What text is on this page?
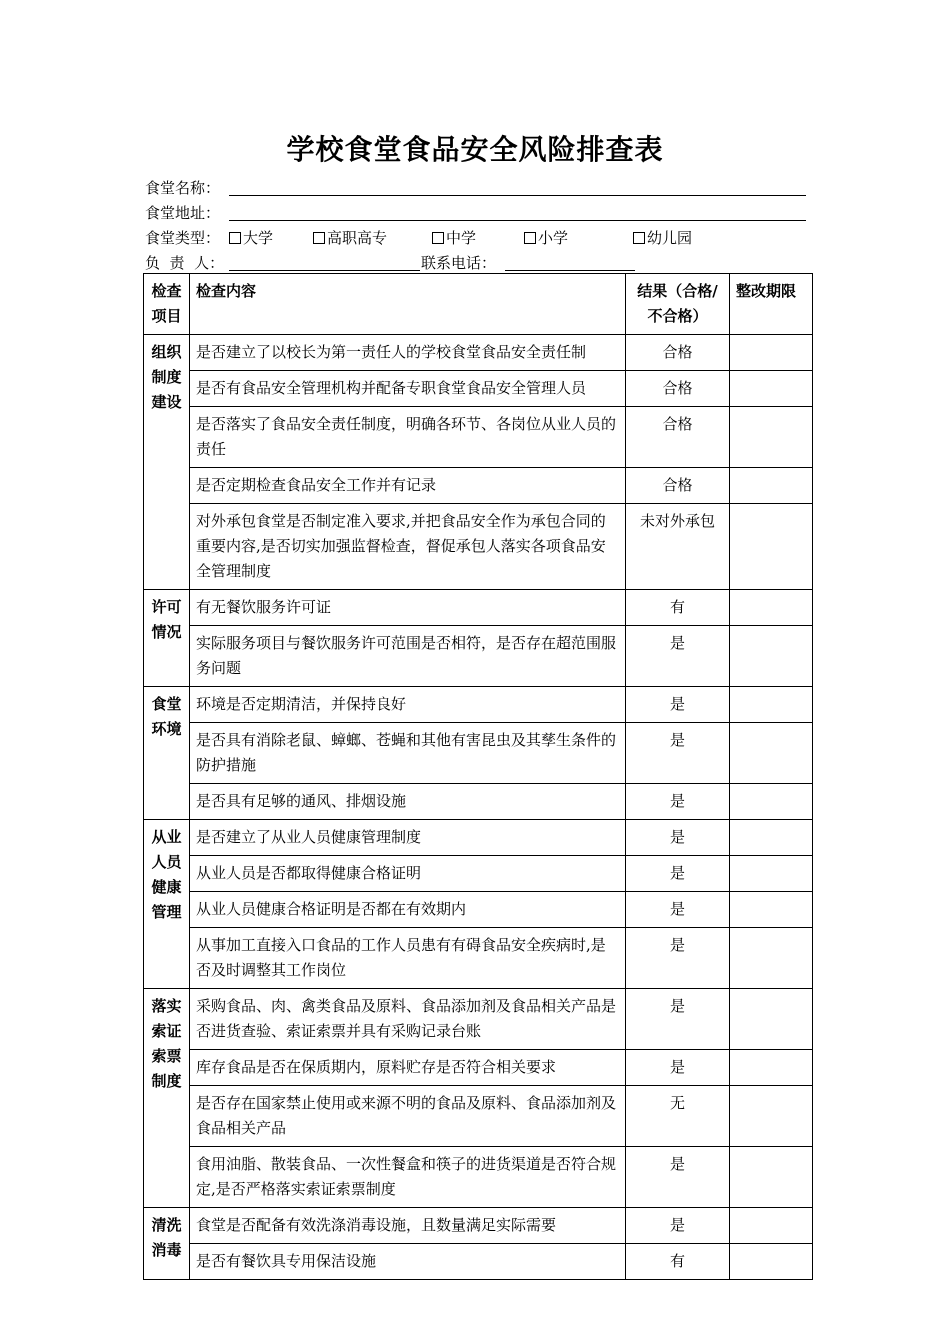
学校食堂食品安全风险排查表
食堂名称：
食堂地址：
食堂类型：	大学	高职高专	中学	小学	幼儿园
负  责  人：	联系电话：
检查项目	检查内容	结果（合格/不合格）	整改期限
组织制度建设	是否建立了以校长为第一责任人的学校食堂食品安全责任制	合格	
	是否有食品安全管理机构并配备专职食堂食品安全管理人员	合格	
	是否落实了食品安全责任制度，明确各环节、各岗位从业人员的责任	合格	
	是否定期检查食品安全工作并有记录	合格	
	对外承包食堂是否制定准入要求,并把食品安全作为承包合同的重要内容,是否切实加强监督检查，督促承包人落实各项食品安全管理制度	未对外承包	
许可情况	有无餐饮服务许可证	有	
	实际服务项目与餐饮服务许可范围是否相符，是否存在超范围服务问题	是	
食堂环境	环境是否定期清洁，并保持良好	是	
	是否具有消除老鼠、蟑螂、苍蝇和其他有害昆虫及其孳生条件的防护措施	是	
	是否具有足够的通风、排烟设施	是	
从业人员健康管理	是否建立了从业人员健康管理制度	是	
	从业人员是否都取得健康合格证明	是	
	从业人员健康合格证明是否都在有效期内	是	
	从事加工直接入口食品的工作人员患有有碍食品安全疾病时,是否及时调整其工作岗位	是	
落实索证索票制度	采购食品、肉、禽类食品及原料、食品添加剂及食品相关产品是否进货查验、索证索票并具有采购记录台账	是	
	库存食品是否在保质期内，原料贮存是否符合相关要求	是	
	是否存在国家禁止使用或来源不明的食品及原料、食品添加剂及食品相关产品	无	
	食用油脂、散装食品、一次性餐盒和筷子的进货渠道是否符合规定,是否严格落实索证索票制度	是	
清洗消毒	食堂是否配备有效洗涤消毒设施，且数量满足实际需要	是	
	是否有餐饮具专用保洁设施	有	
